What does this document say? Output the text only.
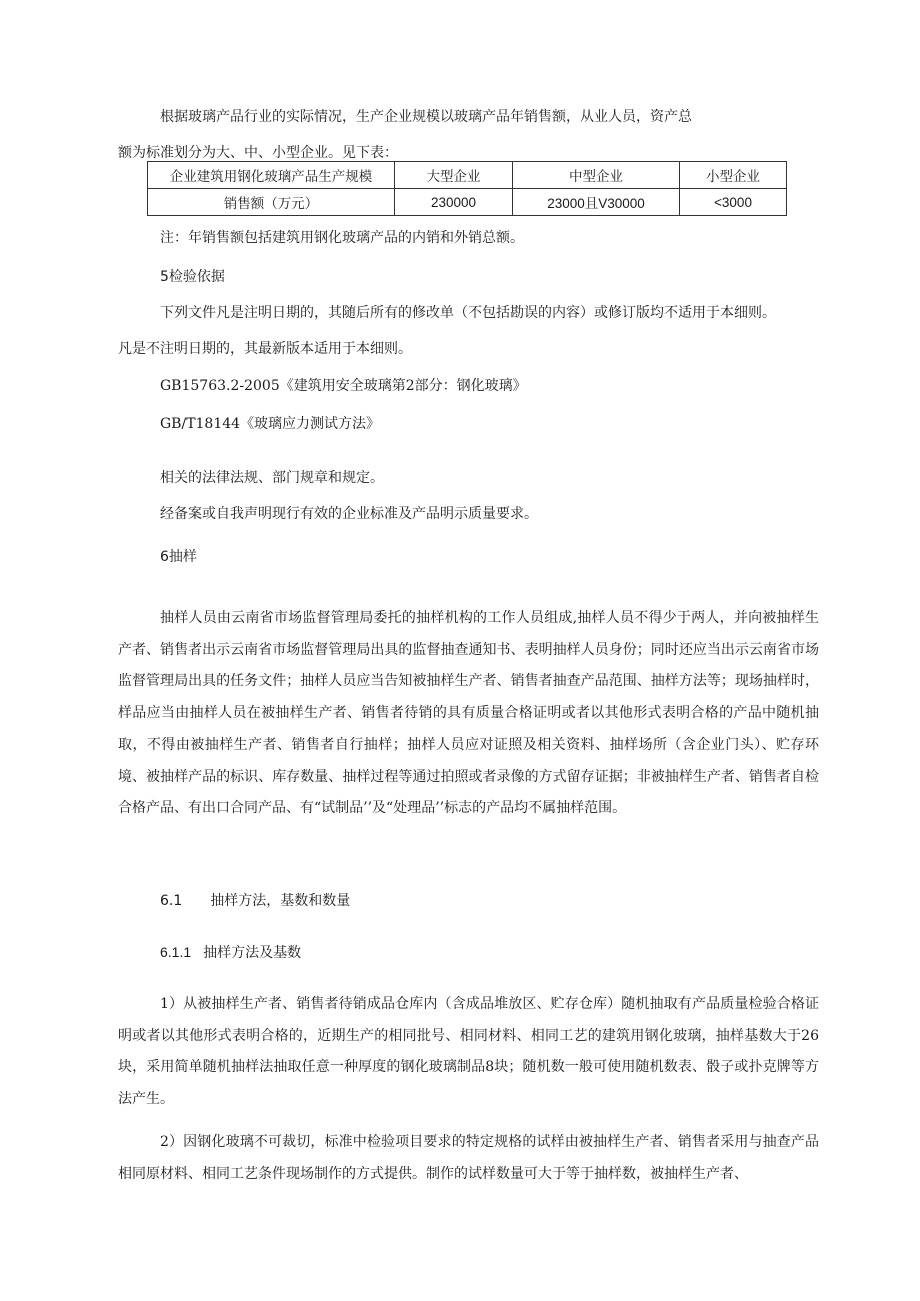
根据玻璃产品行业的实际情况，生产企业规模以玻璃产品年销售额，从业人员，资产总
额为标准划分为大、中、小型企业。见下表：
企业建筑用钢化玻璃产品生产规模	大型企业	中型企业	小型企业
销售额（万元）	230000	23000且V30000	<3000
注：年销售额包括建筑用钢化玻璃产品的内销和外销总额。
5检验依据
下列文件凡是注明日期的，其随后所有的修改单（不包括勘误的内容）或修订版均不适用于本细则。
凡是不注明日期的，其最新版本适用于本细则。
GB15763.2-2005《建筑用安全玻璃第2部分：钢化玻璃》
GB/T18144《玻璃应力测试方法》
相关的法律法规、部门规章和规定。
经备案或自我声明现行有效的企业标准及产品明示质量要求。
6抽样
抽样人员由云南省市场监督管理局委托的抽样机构的工作人员组成,抽样人员不得少于两人，并向被抽样生产者、销售者出示云南省市场监督管理局出具的监督抽查通知书、表明抽样人员身份；同时还应当出示云南省市场监督管理局出具的任务文件；抽样人员应当告知被抽样生产者、销售者抽查产品范围、抽样方法等；现场抽样时，样品应当由抽样人员在被抽样生产者、销售者待销的具有质量合格证明或者以其他形式表明合格的产品中随机抽取，不得由被抽样生产者、销售者自行抽样；抽样人员应对证照及相关资料、抽样场所（含企业门头）、贮存环境、被抽样产品的标识、库存数量、抽样过程等通过拍照或者录像的方式留存证据；非被抽样生产者、销售者自检合格产品、有出口合同产品、有“试制品’’及“处理品’’标志的产品均不属抽样范围。
6.1 抽样方法，基数和数量
6.1.1 抽样方法及基数
1）从被抽样生产者、销售者待销成品仓库内（含成品堆放区、贮存仓库）随机抽取有产品质量检验合格证明或者以其他形式表明合格的，近期生产的相同批号、相同材料、相同工艺的建筑用钢化玻璃，抽样基数大于26块，采用简单随机抽样法抽取任意一种厚度的钢化玻璃制品8块；随机数一般可使用随机数表、骰子或扑克牌等方法产生。
2）因钢化玻璃不可裁切，标准中检验项目要求的特定规格的试样由被抽样生产者、销售者采用与抽查产品相同原材料、相同工艺条件现场制作的方式提供。制作的试样数量可大于等于抽样数，被抽样生产者、
